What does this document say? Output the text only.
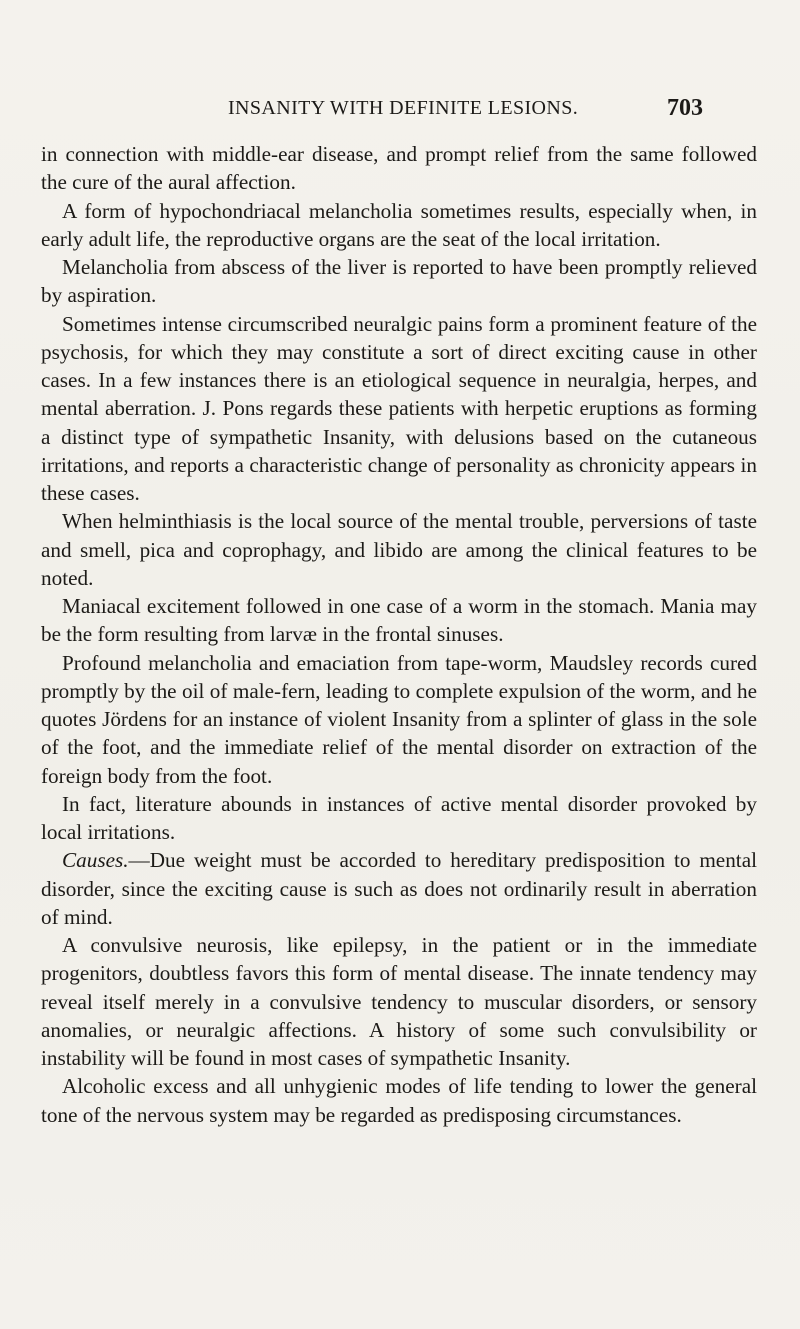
INSANITY WITH DEFINITE LESIONS.	703

in connection with middle-ear disease, and prompt relief from the same followed the cure of the aural affection.

A form of hypochondriacal melancholia sometimes results, especially when, in early adult life, the reproductive organs are the seat of the local irritation.

Melancholia from abscess of the liver is reported to have been promptly relieved by aspiration.

Sometimes intense circumscribed neuralgic pains form a prominent feature of the psychosis, for which they may constitute a sort of direct exciting cause in other cases. In a few instances there is an etiological sequence in neuralgia, herpes, and mental aberration. J. Pons regards these patients with herpetic eruptions as forming a distinct type of sympathetic Insanity, with delusions based on the cutaneous irritations, and reports a characteristic change of personality as chronicity appears in these cases.

When helminthiasis is the local source of the mental trouble, perversions of taste and smell, pica and coprophagy, and libido are among the clinical features to be noted.

Maniacal excitement followed in one case of a worm in the stomach. Mania may be the form resulting from larvæ in the frontal sinuses.

Profound melancholia and emaciation from tape-worm, Maudsley records cured promptly by the oil of male-fern, leading to complete expulsion of the worm, and he quotes Jördens for an instance of violent Insanity from a splinter of glass in the sole of the foot, and the immediate relief of the mental disorder on extraction of the foreign body from the foot.

In fact, literature abounds in instances of active mental disorder provoked by local irritations.

Causes.—Due weight must be accorded to hereditary predisposition to mental disorder, since the exciting cause is such as does not ordinarily result in aberration of mind.

A convulsive neurosis, like epilepsy, in the patient or in the immediate progenitors, doubtless favors this form of mental disease. The innate tendency may reveal itself merely in a convulsive tendency to muscular disorders, or sensory anomalies, or neuralgic affections. A history of some such convulsibility or instability will be found in most cases of sympathetic Insanity.

Alcoholic excess and all unhygienic modes of life tending to lower the general tone of the nervous system may be regarded as predisposing circumstances.
